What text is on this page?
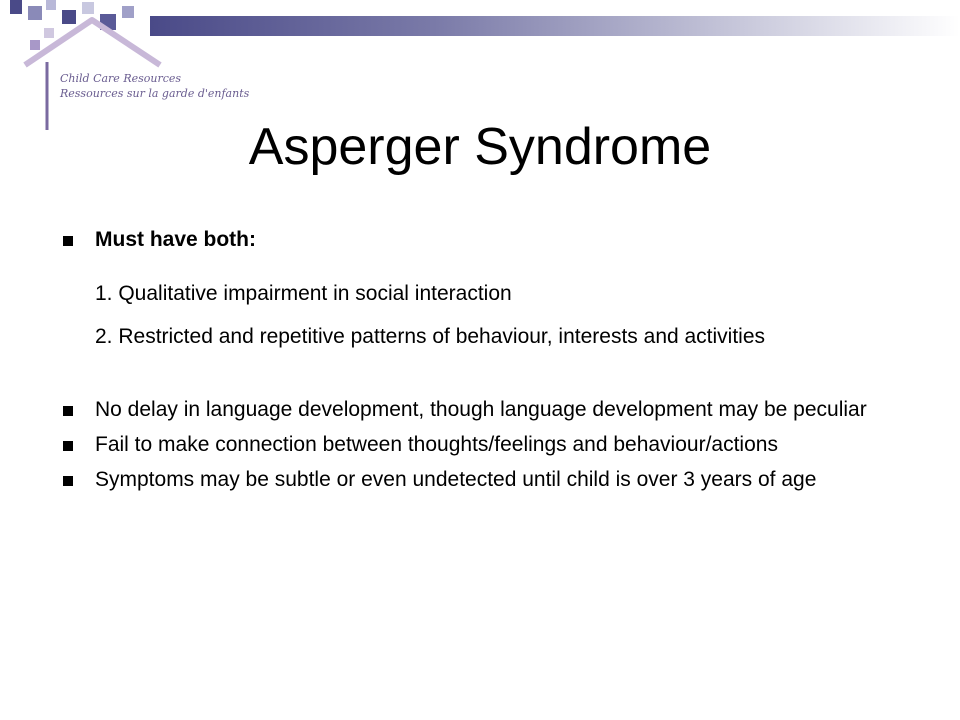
Child Care Resources
Ressources sur la garde d'enfants
Asperger Syndrome
Must have both:
1. Qualitative impairment in social interaction
2. Restricted and repetitive patterns of behaviour, interests and activities
No delay in language development, though language development may be peculiar
Fail to make connection between thoughts/feelings and behaviour/actions
Symptoms may be subtle or even undetected until child is over 3 years of age
